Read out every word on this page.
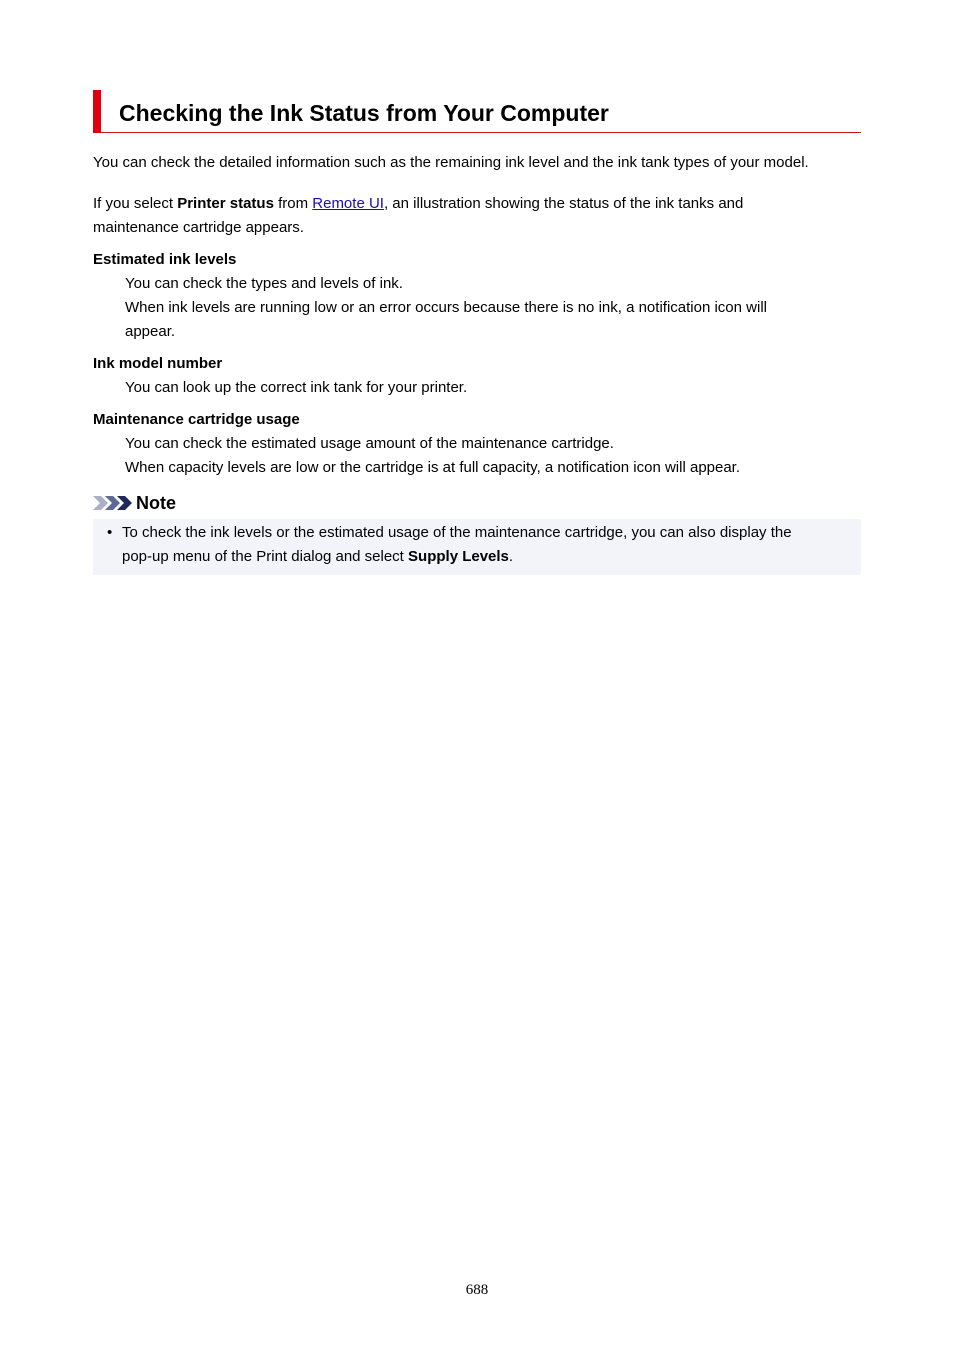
Checking the Ink Status from Your Computer
You can check the detailed information such as the remaining ink level and the ink tank types of your model.
If you select Printer status from Remote UI, an illustration showing the status of the ink tanks and
maintenance cartridge appears.
Estimated ink levels
You can check the types and levels of ink.
When ink levels are running low or an error occurs because there is no ink, a notification icon will
appear.
Ink model number
You can look up the correct ink tank for your printer.
Maintenance cartridge usage
You can check the estimated usage amount of the maintenance cartridge.
When capacity levels are low or the cartridge is at full capacity, a notification icon will appear.
Note
• To check the ink levels or the estimated usage of the maintenance cartridge, you can also display the
pop-up menu of the Print dialog and select Supply Levels.
688
